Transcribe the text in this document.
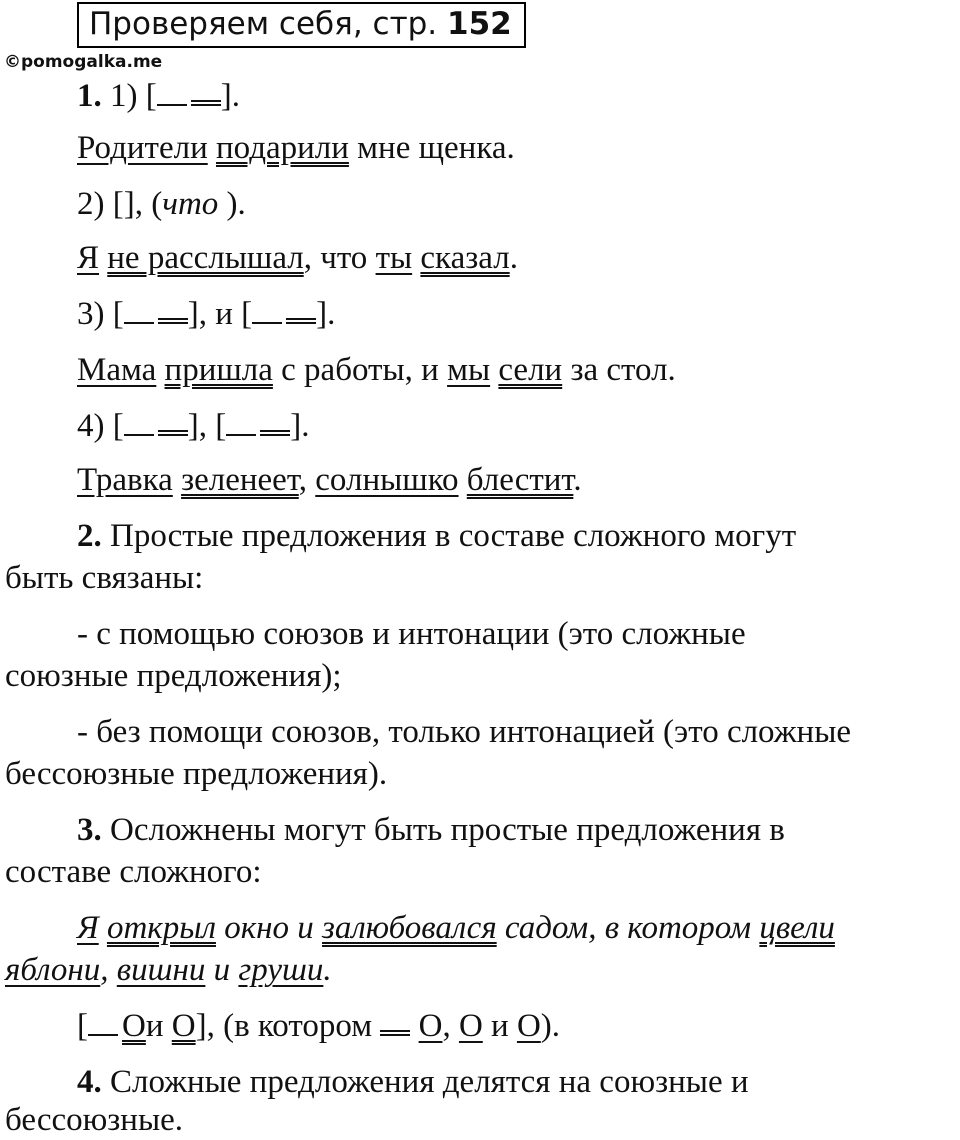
Проверяем себя, стр. 152
©pomogalka.me
1. 1) [ ].
Родители подарили мне щенка.
2) [], (что ).
Я не расслышал, что ты сказал.
3) [ ], и [ ].
Мама пришла с работы, и мы сели за стол.
4) [ ], [ ].
Травка зеленеет, солнышко блестит.
2. Простые предложения в составе сложного могут
быть связаны:
- с помощью союзов и интонации (это сложные
союзные предложения);
- без помощи союзов, только интонацией (это сложные
бессоюзные предложения).
3. Осложнены могут быть простые предложения в
составе сложного:
Я открыл окно и залюбовался садом, в котором цвели
яблони, вишни и груши.
[ Ои О], (в котором  О, О и О).
4. Сложные предложения делятся на союзные и
бессоюзные.
